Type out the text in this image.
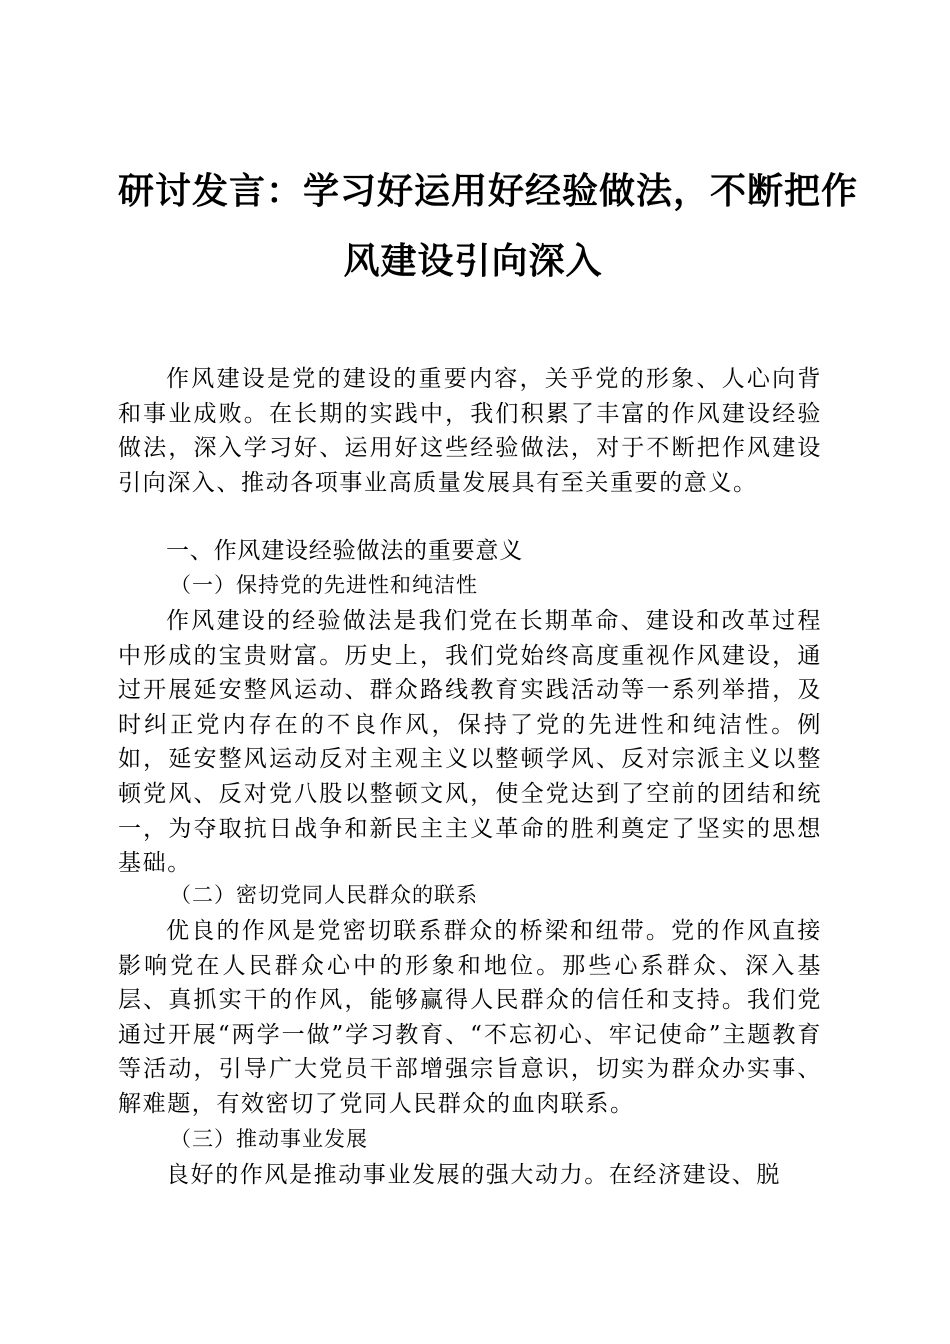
研讨发言：学习好运用好经验做法，不断把作
风建设引向深入

作风建设是党的建设的重要内容，关乎党的形象、人心向背和事业成败。在长期的实践中，我们积累了丰富的作风建设经验做法，深入学习好、运用好这些经验做法，对于不断把作风建设引向深入、推动各项事业高质量发展具有至关重要的意义。

一、作风建设经验做法的重要意义

（一）保持党的先进性和纯洁性

作风建设的经验做法是我们党在长期革命、建设和改革过程中形成的宝贵财富。历史上，我们党始终高度重视作风建设，通过开展延安整风运动、群众路线教育实践活动等一系列举措，及时纠正党内存在的不良作风，保持了党的先进性和纯洁性。例如，延安整风运动反对主观主义以整顿学风、反对宗派主义以整顿党风、反对党八股以整顿文风，使全党达到了空前的团结和统一，为夺取抗日战争和新民主主义革命的胜利奠定了坚实的思想基础。

（二）密切党同人民群众的联系

优良的作风是党密切联系群众的桥梁和纽带。党的作风直接影响党在人民群众心中的形象和地位。那些心系群众、深入基层、真抓实干的作风，能够赢得人民群众的信任和支持。我们党通过开展“两学一做”学习教育、“不忘初心、牢记使命”主题教育等活动，引导广大党员干部增强宗旨意识，切实为群众办实事、解难题，有效密切了党同人民群众的血肉联系。

（三）推动事业发展

良好的作风是推动事业发展的强大动力。在经济建设、脱
